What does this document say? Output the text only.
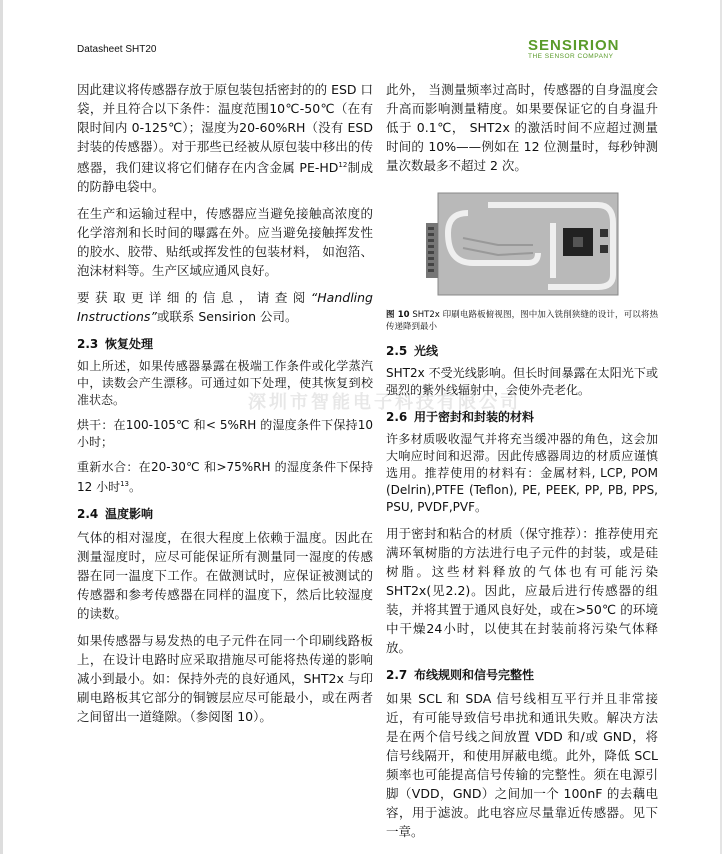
Datasheet SHT20	SENSIRION
THE SENSOR COMPANY
深圳市智能电子科技有限公司

因此建议将传感器存放于原包装包括密封的的 ESD 口袋，并且符合以下条件：温度范围10℃-50℃（在有限时间内 0-125℃）；湿度为20-60%RH（没有 ESD 封装的传感器）。对于那些已经被从原包装中移出的传感器，我们建议将它们储存在内含金属 PE-HD$^{12}$制成的防静电袋中。

在生产和运输过程中，传感器应当避免接触高浓度的化学溶剂和长时间的曝露在外。应当避免接触挥发性的胶水、胶带、贴纸或挥发性的包装材料， 如泡箔、泡沫材料等。生产区域应通风良好。

要获取更详细的信息，请查阅“Handling Instructions”或联系 Sensirion 公司。

2.3 恢复处理

如上所述，如果传感器暴露在极端工作条件或化学蒸汽中，读数会产生漂移。可通过如下处理，使其恢复到校准状态。

烘干：在100-105℃ 和< 5%RH 的湿度条件下保持10小时；

重新水合：在20-30℃ 和>75%RH 的湿度条件下保持12 小时$^{13}$。

2.4 温度影响

气体的相对湿度，在很大程度上依赖于温度。因此在测量湿度时，应尽可能保证所有测量同一湿度的传感器在同一温度下工作。在做测试时，应保证被测试的传感器和参考传感器在同样的温度下，然后比较湿度的读数。

如果传感器与易发热的电子元件在同一个印刷线路板上，在设计电路时应采取措施尽可能将热传递的影响减小到最小。如：保持外壳的良好通风，SHT2x 与印刷电路板其它部分的铜镀层应尽可能最小，或在两者之间留出一道缝隙。（参阅图 10）。

此外， 当测量频率过高时，传感器的自身温度会升高而影响测量精度。如果要保证它的自身温升低于 0.1℃， SHT2x 的激活时间不应超过测量时间的 10%——例如在 12 位测量时，每秒钟测量次数最多不超过 2 次。

图 10 SHT2x 印刷电路板俯视图，图中加入铣削狭缝的设计，可以将热传递降到最小

2.5 光线

SHT2x 不受光线影响。但长时间暴露在太阳光下或强烈的紫外线辐射中，会使外壳老化。

2.6 用于密封和封装的材料

许多材质吸收湿气并将充当缓冲器的角色，这会加大响应时间和迟滞。因此传感器周边的材质应谨慎选用。推荐使用的材料有：金属材料, LCP, POM (Delrin),PTFE (Teflon), PE, PEEK, PP, PB, PPS, PSU, PVDF,PVF。

用于密封和粘合的材质（保守推荐）：推荐使用充满环氧树脂的方法进行电子元件的封装，或是硅树脂。这些材料释放的气体也有可能污染SHT2x(见2.2)。因此，应最后进行传感器的组装，并将其置于通风良好处，或在>50℃ 的环境中干燥24小时，以使其在封装前将污染气体释放。

2.7 布线规则和信号完整性

如果 SCL 和 SDA 信号线相互平行并且非常接近，有可能导致信号串扰和通讯失败。解决方法是在两个信号线之间放置 VDD 和/或 GND，将信号线隔开，和使用屏蔽电缆。此外，降低 SCL 频率也可能提高信号传输的完整性。须在电源引脚（VDD，GND）之间加一个 100nF 的去藕电容，用于滤波。此电容应尽量靠近传感器。见下一章。
